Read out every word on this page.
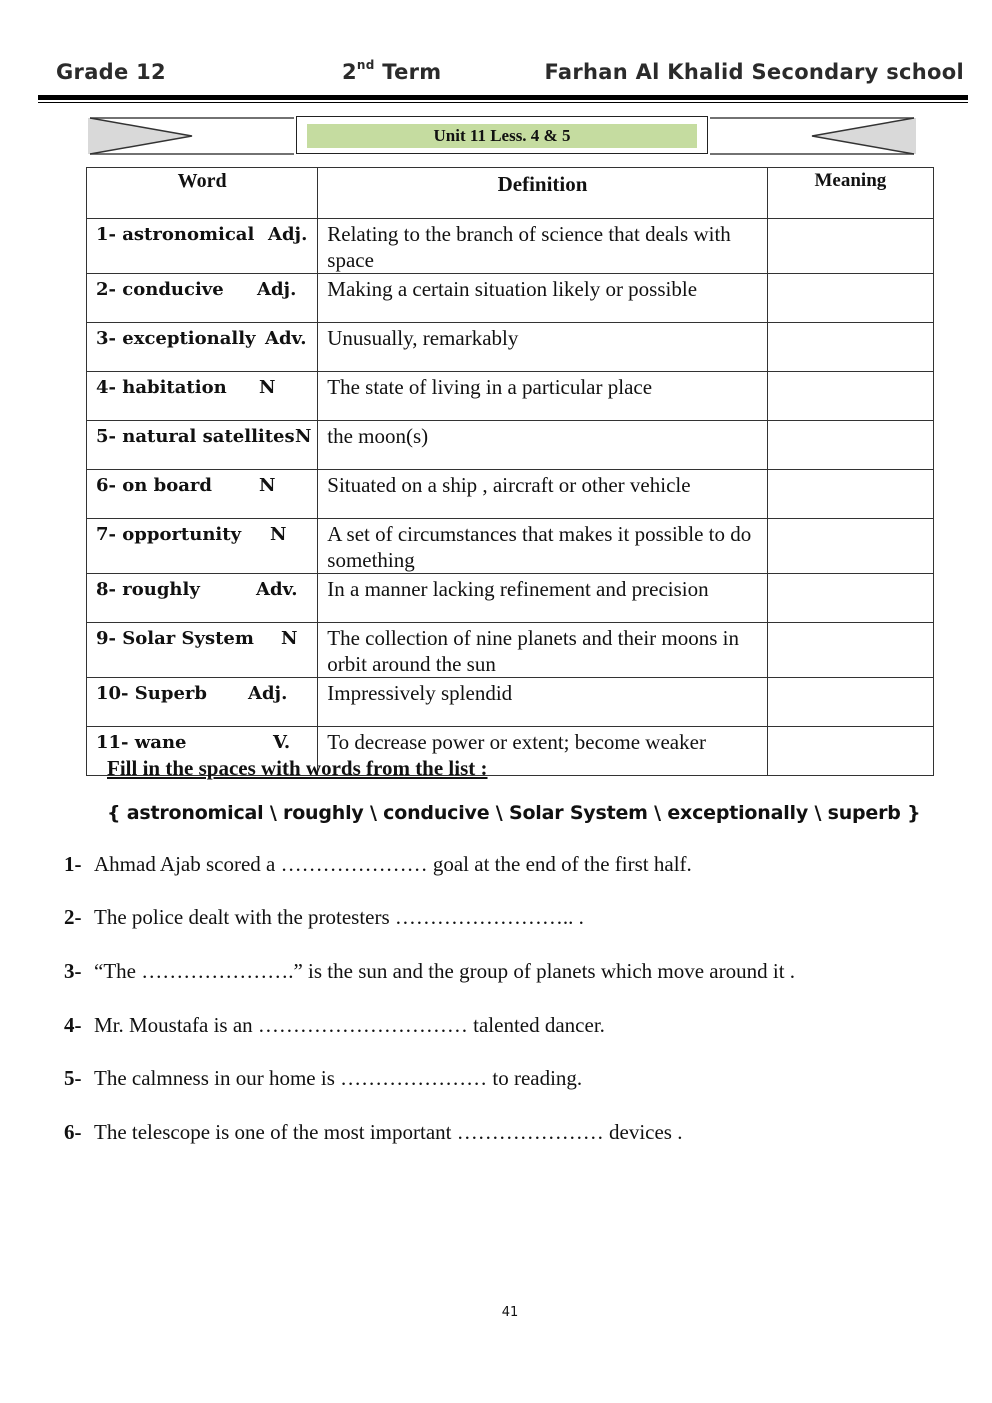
Grade 12	2nd Term	Farhan Al Khalid Secondary school
Unit 11 Less. 4 & 5
Word	Definition	Meaning

1- astronomical Adj.	Relating to the branch of science that deals with space	

2- conducive Adj.	Making a certain situation likely or possible	

3- exceptionally Adv.	Unusually, remarkably	

4- habitation N	The state of living in a particular place	

5- natural satellites N	the moon(s)	

6- on board N	Situated on a ship , aircraft or other vehicle	

7- opportunity N	A set of circumstances that makes it possible to do something	

8- roughly Adv.	In a manner lacking refinement and precision	

9- Solar System N	The collection of nine planets and their moons in orbit around the sun	

10- Superb Adj.	Impressively splendid	

11- wane V.	To decrease power or extent; become weaker	
Fill in the spaces with words from the list :
{ astronomical \ roughly \ conducive \ Solar System \ exceptionally \ superb }
1- Ahmad Ajab scored a ………………… goal at the end of the first half.
2- The police dealt with the protesters …………………….. .
3- “The ………………….” is the sun and the group of planets which move around it .
4- Mr. Moustafa is an ………………………… talented dancer.
5- The calmness in our home is ………………… to reading.
6- The telescope is one of the most important ………………… devices .
41
